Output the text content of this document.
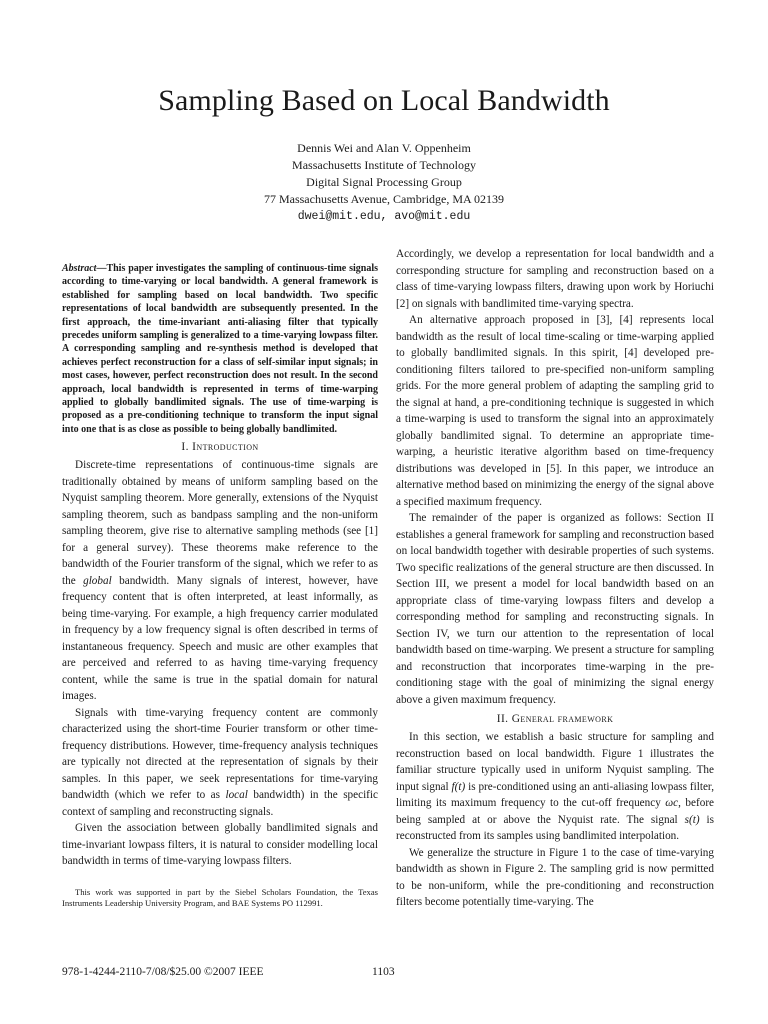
Sampling Based on Local Bandwidth
Dennis Wei and Alan V. Oppenheim
Massachusetts Institute of Technology
Digital Signal Processing Group
77 Massachusetts Avenue, Cambridge, MA 02139
dwei@mit.edu, avo@mit.edu
Abstract—This paper investigates the sampling of continuous-time signals according to time-varying or local bandwidth. A general framework is established for sampling based on local bandwidth. Two specific representations of local bandwidth are subsequently presented. In the first approach, the time-invariant anti-aliasing filter that typically precedes uniform sampling is generalized to a time-varying lowpass filter. A corresponding sampling and re-synthesis method is developed that achieves perfect reconstruction for a class of self-similar input signals; in most cases, however, perfect reconstruction does not result. In the second approach, local bandwidth is represented in terms of time-warping applied to globally bandlimited signals. The use of time-warping is proposed as a pre-conditioning technique to transform the input signal into one that is as close as possible to being globally bandlimited.
I. Introduction

Discrete-time representations of continuous-time signals are traditionally obtained by means of uniform sampling based on the Nyquist sampling theorem. More generally, extensions of the Nyquist sampling theorem, such as bandpass sampling and the non-uniform sampling theorem, give rise to alternative sampling methods (see [1] for a general survey). These theorems make reference to the bandwidth of the Fourier transform of the signal, which we refer to as the global bandwidth. Many signals of interest, however, have frequency content that is often interpreted, at least informally, as being time-varying. For example, a high frequency carrier modulated in frequency by a low frequency signal is often described in terms of instantaneous frequency. Speech and music are other examples that are perceived and referred to as having time-varying frequency content, while the same is true in the spatial domain for natural images.

Signals with time-varying frequency content are commonly characterized using the short-time Fourier transform or other time-frequency distributions. However, time-frequency analysis techniques are typically not directed at the representation of signals by their samples. In this paper, we seek representations for time-varying bandwidth (which we refer to as local bandwidth) in the specific context of sampling and reconstructing signals.

Given the association between globally bandlimited signals and time-invariant lowpass filters, it is natural to consider modelling local bandwidth in terms of time-varying lowpass filters.

This work was supported in part by the Siebel Scholars Foundation, the Texas Instruments Leadership University Program, and BAE Systems PO 112991.

Accordingly, we develop a representation for local bandwidth and a corresponding structure for sampling and reconstruction based on a class of time-varying lowpass filters, drawing upon work by Horiuchi [2] on signals with bandlimited time-varying spectra.

An alternative approach proposed in [3], [4] represents local bandwidth as the result of local time-scaling or time-warping applied to globally bandlimited signals. In this spirit, [4] developed pre-conditioning filters tailored to pre-specified non-uniform sampling grids. For the more general problem of adapting the sampling grid to the signal at hand, a pre-conditioning technique is suggested in which a time-warping is used to transform the signal into an approximately globally bandlimited signal. To determine an appropriate time-warping, a heuristic iterative algorithm based on time-frequency distributions was developed in [5]. In this paper, we introduce an alternative method based on minimizing the energy of the signal above a specified maximum frequency.

The remainder of the paper is organized as follows: Section II establishes a general framework for sampling and reconstruction based on local bandwidth together with desirable properties of such systems. Two specific realizations of the general structure are then discussed. In Section III, we present a model for local bandwidth based on an appropriate class of time-varying lowpass filters and develop a corresponding method for sampling and reconstructing signals. In Section IV, we turn our attention to the representation of local bandwidth based on time-warping. We present a structure for sampling and reconstruction that incorporates time-warping in the pre-conditioning stage with the goal of minimizing the signal energy above a given maximum frequency.

II. General framework

In this section, we establish a basic structure for sampling and reconstruction based on local bandwidth. Figure 1 illustrates the familiar structure typically used in uniform Nyquist sampling. The input signal f(t) is pre-conditioned using an anti-aliasing lowpass filter, limiting its maximum frequency to the cut-off frequency ωc, before being sampled at or above the Nyquist rate. The signal s(t) is reconstructed from its samples using bandlimited interpolation.

We generalize the structure in Figure 1 to the case of time-varying bandwidth as shown in Figure 2. The sampling grid is now permitted to be non-uniform, while the pre-conditioning and reconstruction filters become potentially time-varying. The

978-1-4244-2110-7/08/$25.00 ©2007 IEEE	1103
